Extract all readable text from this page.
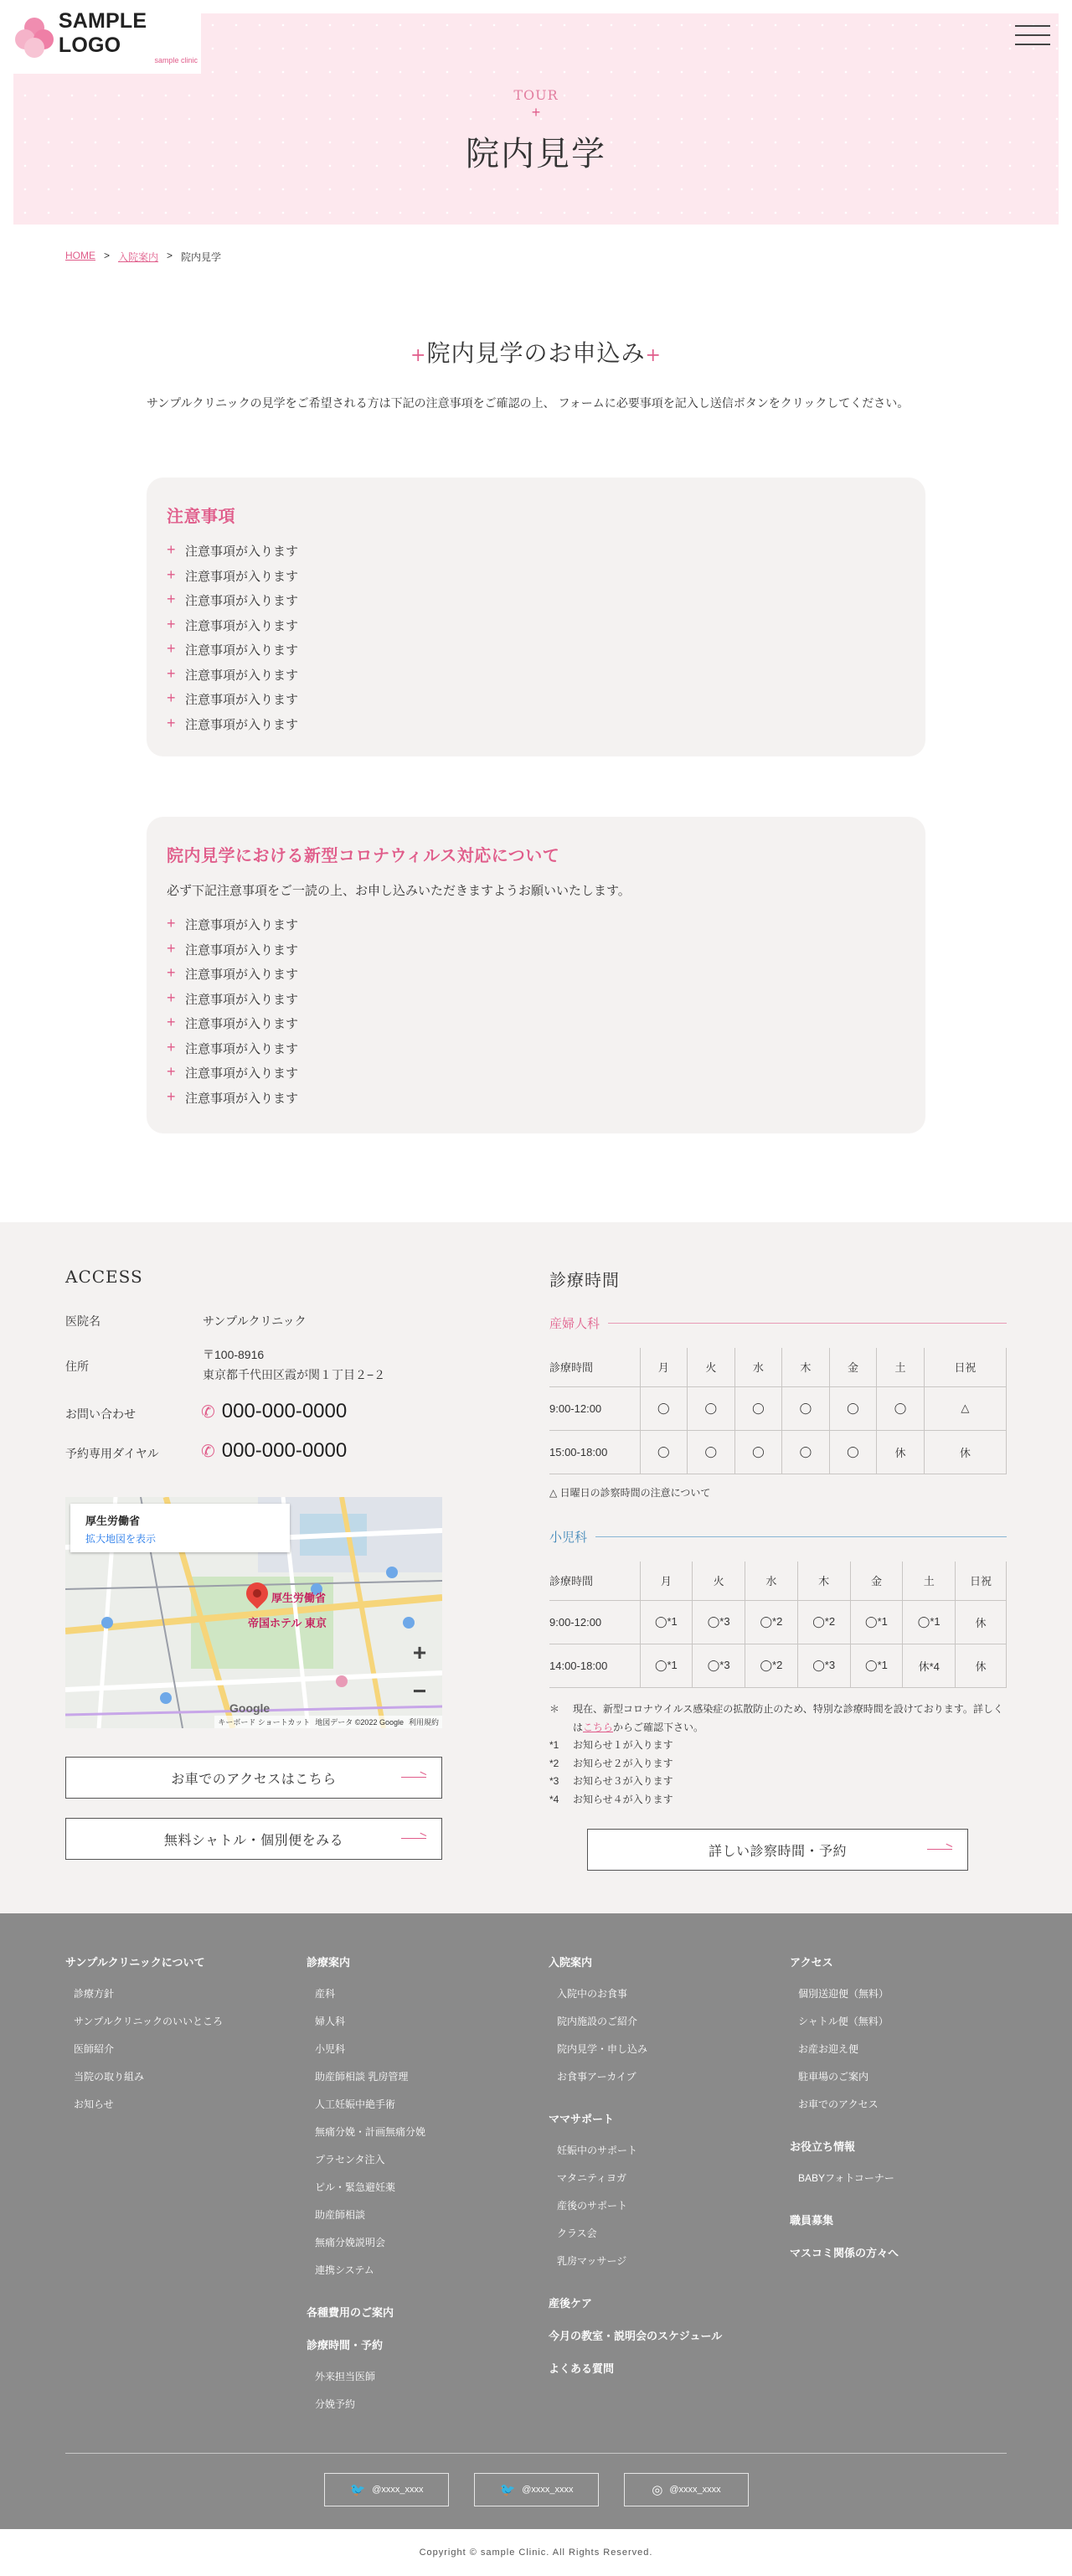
TOUR
+
院内見学
SAMPLE LOGO
sample clinic
HOME > 入院案内 > 院内見学
+院内見学のお申込み+
サンプルクリニックの見学をご希望される方は下記の注意事項をご確認の上、 フォームに必要事項を記入し送信ボタンをクリックしてください。
注意事項
+ 注意事項が入ります
+ 注意事項が入ります
+ 注意事項が入ります
+ 注意事項が入ります
+ 注意事項が入ります
+ 注意事項が入ります
+ 注意事項が入ります
+ 注意事項が入ります
院内見学における新型コロナウィルス対応について
必ず下記注意事項をご一読の上、お申し込みいただきますようお願いいたします。
+ 注意事項が入ります
+ 注意事項が入ります
+ 注意事項が入ります
+ 注意事項が入ります
+ 注意事項が入ります
+ 注意事項が入ります
+ 注意事項が入ります
+ 注意事項が入ります
ACCESS
医院名	サンプルクリニック
住所
〒100-8916
東京都千代田区霞が関１丁目２−２
お問い合わせ	✆ 000-000-0000
予約専用ダイヤル	✆ 000-000-0000
厚生労働省
帝国ホテル 東京
厚生労働省
拡大地図を表示
+
−
Google
キーボード ショートカット 地図データ ©2022 Google 利用規約
お車でのアクセスはこちら
無料シャトル・個別便をみる
診療時間
産婦人科
診療時間	月	火	水	木	金	土	日祝
9:00-12:00	◯	◯	◯	◯	◯	◯	△
15:00-18:00	◯	◯	◯	◯	◯	休	休
△ 日曜日の診察時間の注意について
小児科
診療時間	月	火	水	木	金	土	日祝
9:00-12:00	◯*1	◯*3	◯*2	◯*2	◯*1	◯*1	休
14:00-18:00	◯*1	◯*3	◯*2	◯*3	◯*1	休*4	休
＊	現在、新型コロナウイルス感染症の拡散防止のため、特別な診療時間を設けております。詳しくはこちらからご確認下さい。
*1	お知らせ１が入ります
*2	お知らせ２が入ります
*3	お知らせ３が入ります
*4	お知らせ４が入ります
詳しい診察時間・予約
サンプルクリニックについて
診療方針
サンプルクリニックのいいところ
医師紹介
当院の取り組み
お知らせ
診療案内
産科
婦人科
小児科
助産師相談 乳房管理
人工妊娠中絶手術
無痛分娩・計画無痛分娩
プラセンタ注入
ピル・緊急避妊薬
助産師相談
無痛分娩説明会
連携システム
各種費用のご案内
診療時間・予約
外来担当医師
分娩予約
入院案内
入院中のお食事
院内施設のご紹介
院内見学・申し込み
お食事アーカイブ
ママサポート
妊娠中のサポート
マタニティヨガ
産後のサポート
クラス会
乳房マッサージ
産後ケア
今月の教室・説明会のスケジュール
よくある質問
アクセス
個別送迎便（無料）
シャトル便（無料）
お産お迎え便
駐車場のご案内
お車でのアクセス
お役立ち情報
BABYフォトコーナー
職員募集
マスコミ関係の方々へ
🐦 @xxxx_xxxx	🐦 @xxxx_xxxx	◎ @xxxx_xxxx
Copyright © sample Clinic. All Rights Reserved.
